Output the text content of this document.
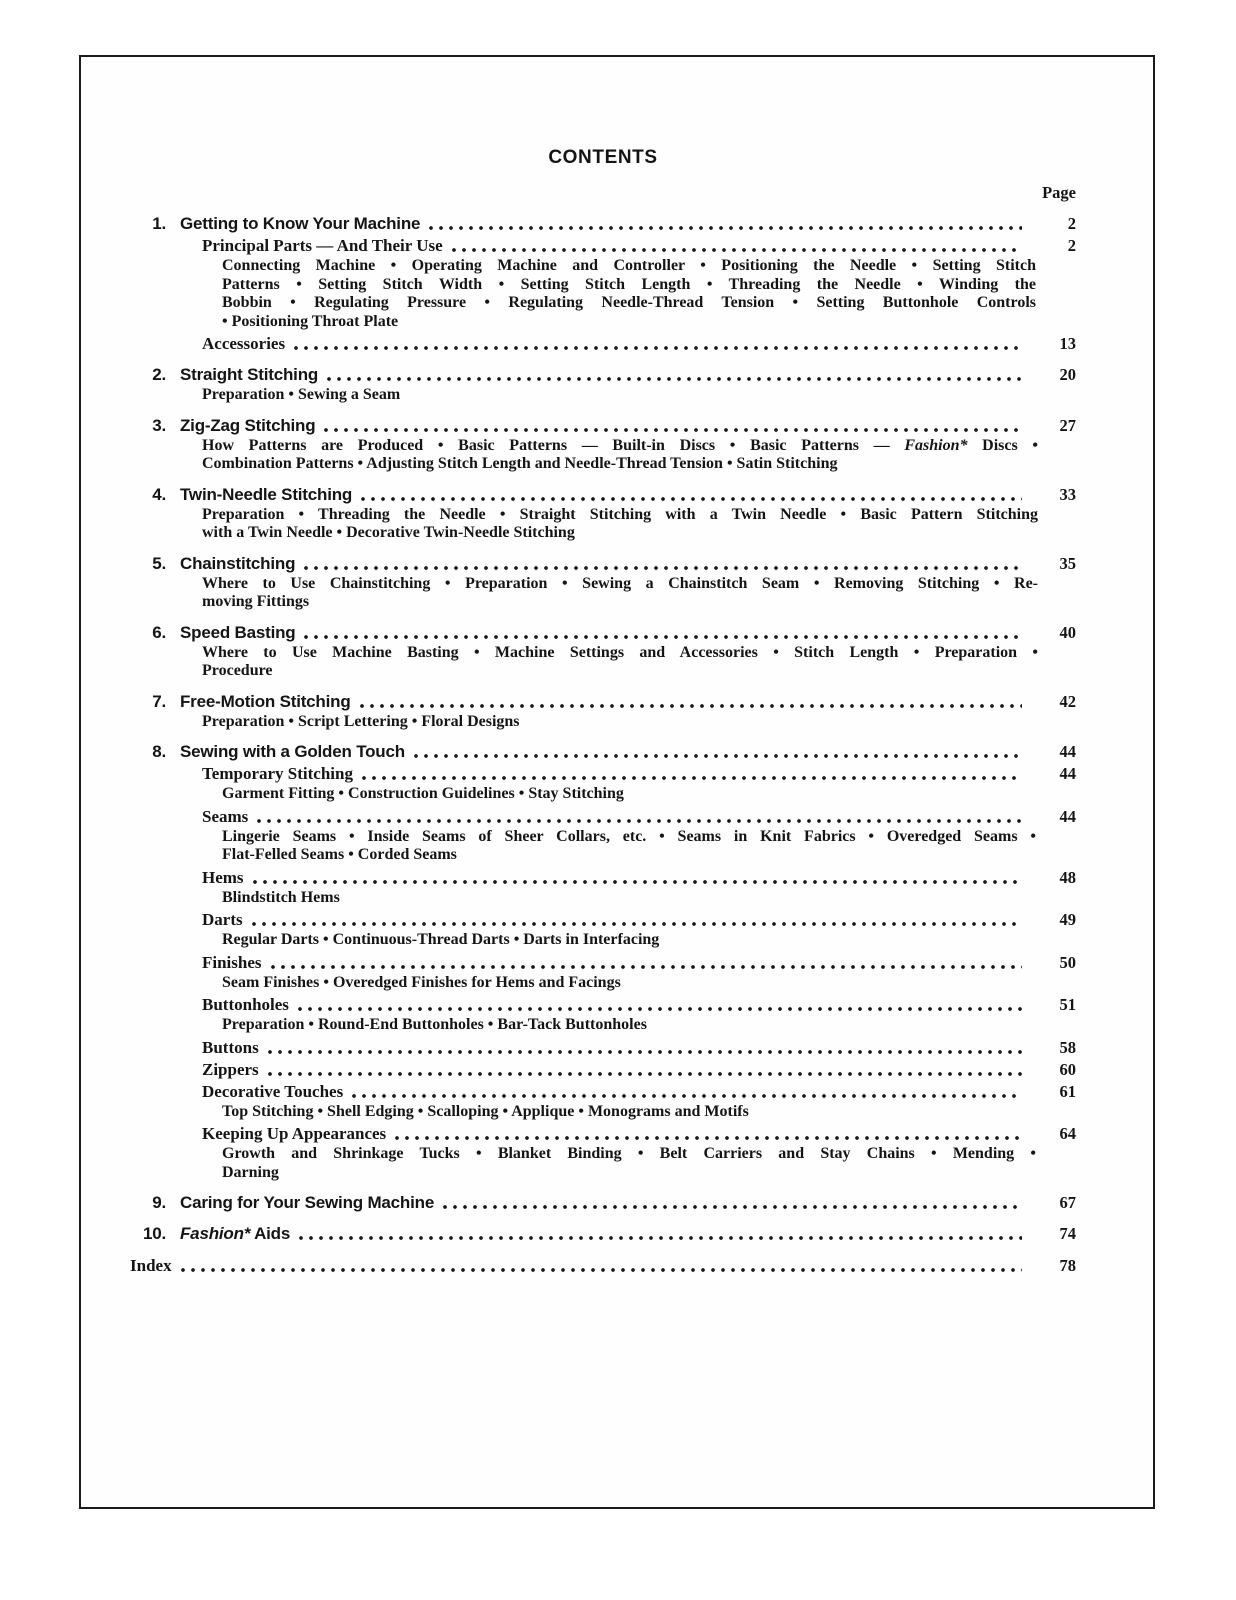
CONTENTS
Page
1. Getting to Know Your Machine	2
Principal Parts — And Their Use	2
Connecting Machine • Operating Machine and Controller • Positioning the Needle • Setting Stitch
Patterns • Setting Stitch Width • Setting Stitch Length • Threading the Needle • Winding the
Bobbin • Regulating Pressure • Regulating Needle-Thread Tension • Setting Buttonhole Controls
• Positioning Throat Plate
Accessories	13
2. Straight Stitching	20
Preparation • Sewing a Seam
3. Zig-Zag Stitching	27
How Patterns are Produced • Basic Patterns — Built-in Discs • Basic Patterns — Fashion* Discs •
Combination Patterns • Adjusting Stitch Length and Needle-Thread Tension • Satin Stitching
4. Twin-Needle Stitching	33
Preparation • Threading the Needle • Straight Stitching with a Twin Needle • Basic Pattern Stitching
with a Twin Needle • Decorative Twin-Needle Stitching
5. Chainstitching	35
Where to Use Chainstitching • Preparation • Sewing a Chainstitch Seam • Removing Stitching • Re-
moving Fittings
6. Speed Basting	40
Where to Use Machine Basting • Machine Settings and Accessories • Stitch Length • Preparation •
Procedure
7. Free-Motion Stitching	42
Preparation • Script Lettering • Floral Designs
8. Sewing with a Golden Touch	44
Temporary Stitching	44
Garment Fitting • Construction Guidelines • Stay Stitching
Seams	44
Lingerie Seams • Inside Seams of Sheer Collars, etc. • Seams in Knit Fabrics • Overedged Seams •
Flat-Felled Seams • Corded Seams
Hems	48
Blindstitch Hems
Darts	49
Regular Darts • Continuous-Thread Darts • Darts in Interfacing
Finishes	50
Seam Finishes • Overedged Finishes for Hems and Facings
Buttonholes	51
Preparation • Round-End Buttonholes • Bar-Tack Buttonholes
Buttons	58
Zippers	60
Decorative Touches	61
Top Stitching • Shell Edging • Scalloping • Applique • Monograms and Motifs
Keeping Up Appearances	64
Growth and Shrinkage Tucks • Blanket Binding • Belt Carriers and Stay Chains • Mending •
Darning
9. Caring for Your Sewing Machine	67
10. Fashion* Aids	74
Index	78
